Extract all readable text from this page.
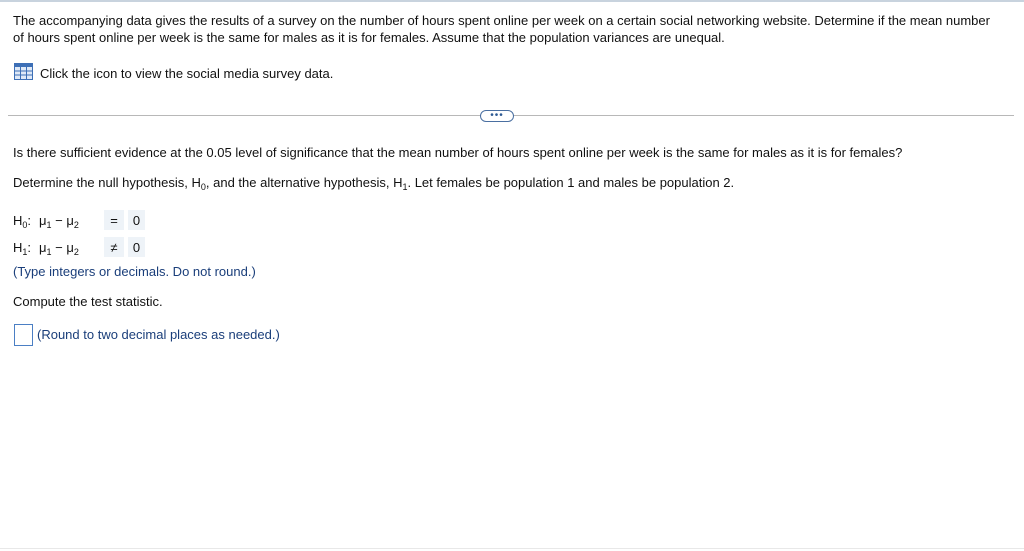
The accompanying data gives the results of a survey on the number of hours spent online per week on a certain social networking website. Determine if the mean number of hours spent online per week is the same for males as it is for females. Assume that the population variances are unequal.
Click the icon to view the social media survey data.
•••
Is there sufficient evidence at the 0.05 level of significance that the mean number of hours spent online per week is the same for males as it is for females?
Determine the null hypothesis, $H_0$, and the alternative hypothesis, $H_1$. Let females be population 1 and males be population 2.
$H_0$: $\mu_1 - \mu_2$	=	0
$H_1$: $\mu_1 - \mu_2$	≠	0
(Type integers or decimals. Do not round.)
Compute the test statistic.
(Round to two decimal places as needed.)
